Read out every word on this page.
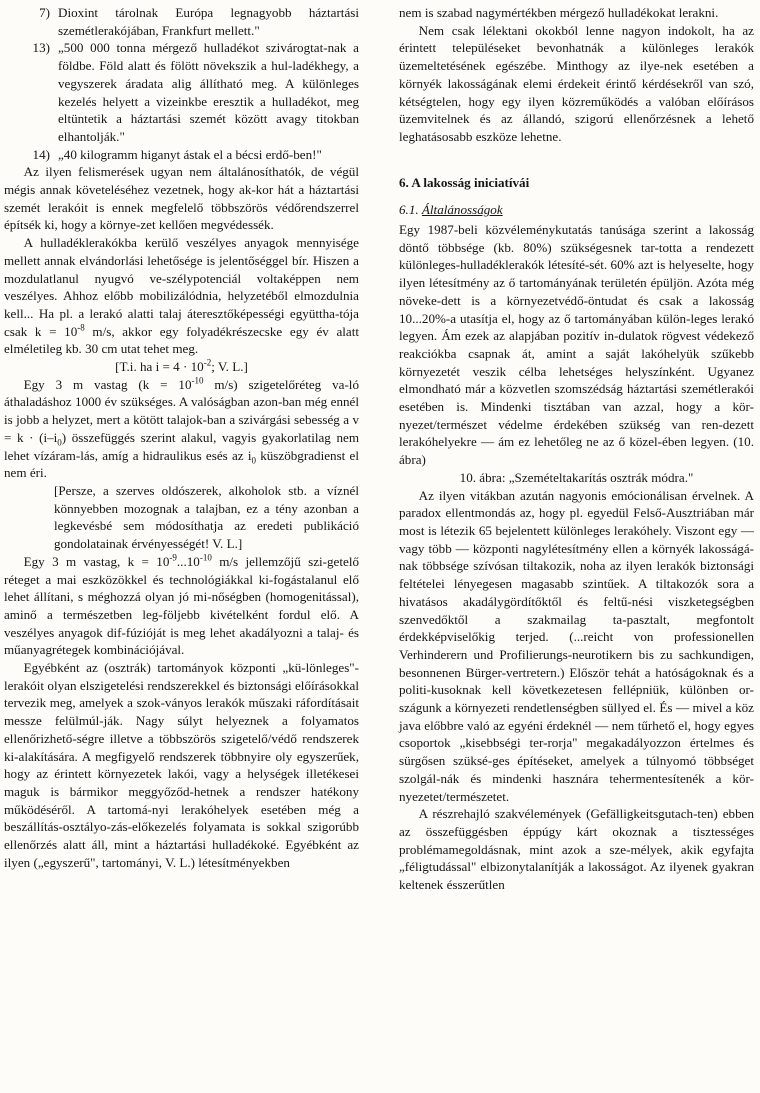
7) Dioxint tárolnak Európa legnagyobb háztartási szemétlerakójában, Frankfurt mellett."
13) „500 000 tonna mérgező hulladékot szivárogtat-nak a földbe. Föld alatt és fölött növekszik a hul-ladékhegy, a vegyszerek áradata alig állítható meg. A különleges kezelés helyett a vizeinkbe eresztik a hulladékot, meg eltüntetik a háztartási szemét között avagy titokban elhantolják."
14) „40 kilogramm higanyt ástak el a bécsi erdő-ben!"

Az ilyen felismerések ugyan nem általánosíthatók, de végül mégis annak követeléséhez vezetnek, hogy ak-kor hát a háztartási szemét lerakóit is ennek megfelelő többszörös védőrendszerrel építsék ki, hogy a környe-zet kellően megvédessék.

A hulladéklerakókba kerülő veszélyes anyagok mennyisége mellett annak elvándorlási lehetősége is jelentőséggel bír. Hiszen a mozdulatlanul nyugvó ve-szélypotenciál voltaképpen nem veszélyes. Ahhoz előbb mobilizálódnia, helyzetéből elmozdulnia kell... Ha pl. a lerakó alatti talaj áteresztőképességi együttha-tója csak $k = 10^{-8}$ m/s, akkor egy folyadékrészecske egy év alatt elméletileg kb. 30 cm utat tehet meg.

[T.i. ha $i = 4 \cdot 10^{-2}$; V. L.]

Egy 3 m vastag ($k = 10^{-10}$ m/s) szigetelőréteg va-ló áthaladáshoz 1000 év szükséges. A valóságban azon-ban még ennél is jobb a helyzet, mert a kötött talajok-ban a szivárgási sebesség a $v = k \cdot (i-i_0)$ összefüggés szerint alakul, vagyis gyakorlatilag nem lehet vízáram-lás, amíg a hidraulikus esés az $i_0$ küszöbgradienst el nem éri.

[Persze, a szerves oldószerek, alkoholok stb. a víznél könnyebben mozognak a talajban, ez a tény azonban a legkevésbé sem módosíthatja az eredeti publikáció gondolatainak érvényességét! V. L.]

Egy 3 m vastag, $k = 10^{-9}...10^{-10}$ m/s jellemzőjű szi-getelő réteget a mai eszközökkel és technológiákkal ki-fogástalanul elő lehet állítani, s méghozzá olyan jó mi-nőségben (homogenitással), aminő a természetben leg-följebb kivételként fordul elő. A veszélyes anyagok dif-fúzióját is meg lehet akadályozni a talaj- és műanyagrétegek kombinációjával.

Egyébként az (osztrák) tartományok központi „kü-lönleges"-lerakóit olyan elszigetelési rendszerekkel és biztonsági előírásokkal tervezik meg, amelyek a szok-ványos lerakók műszaki ráfordításait messze felülmúl-ják. Nagy súlyt helyeznek a folyamatos ellenőrizhető-ségre illetve a többszörös szigetelő/védő rendszerek ki-alakítására. A megfigyelő rendszerek többnyire oly egyszerűek, hogy az érintett környezetek lakói, vagy a helységek illetékesei maguk is bármikor meggyőződ-hetnek a rendszer hatékony működéséről. A tartomá-nyi lerakóhelyek esetében még a beszállítás-osztályo-zás-előkezelés folyamata is sokkal szigorúbb ellenőrzés alatt áll, mint a háztartási hulladékoké. Egyébként az ilyen („egyszerű", tartományi, V. L.) létesítményekben

nem is szabad nagymértékben mérgező hulladékokat lerakni.

Nem csak lélektani okokból lenne nagyon indokolt, ha az érintett településeket bevonhatnák a különleges lerakók üzemeltetésének egészébe. Minthogy az ilye-nek esetében a környék lakosságának elemi érdekeit érintő kérdésekről van szó, kétségtelen, hogy egy ilyen közreműködés a valóban előírásos üzemvitelnek és az állandó, szigorú ellenőrzésnek a lehető leghatásosabb eszköze lehetne.

6. A lakosság iniciatívái

6.1. Általánosságok

Egy 1987-beli közvéleménykutatás tanúsága szerint a lakosság döntő többsége (kb. 80%) szükségesnek tar-totta a rendezett különleges-hulladéklerakók létesíté-sét. 60% azt is helyeselte, hogy ilyen létesítmény az ő tartományának területén épüljön. Azóta még növeke-dett is a környezetvédő-öntudat és csak a lakosság 10...20%-a utasítja el, hogy az ő tartományában külön-leges lerakó legyen. Ám ezek az alapjában pozitív in-dulatok rögvest védekező reakciókba csapnak át, amint a saját lakóhelyük szűkebb környezetét veszik célba lehetséges helyszínként. Ugyanez elmondható már a közvetlen szomszédság háztartási szemétlerakói esetében is. Mindenki tisztában van azzal, hogy a kör-nyezet/természet védelme érdekében szükség van ren-dezett lerakóhelyekre — ám ez lehetőleg ne az ő közel-ében legyen. (10. ábra)

10. ábra: „Szemételtakarítás osztrák módra."

Az ilyen vitákban azután nagyonis emócionálisan érvelnek. A paradox ellentmondás az, hogy pl. egyedül Felső-Ausztriában már most is létezik 65 bejelentett különleges lerakóhely. Viszont egy — vagy több — központi nagylétesítmény ellen a környék lakosságá-nak többsége szívósan tiltakozik, noha az ilyen lerakók biztonsági feltételei lényegesen magasabb szintűek. A tiltakozók sora a hivatásos akadálygördítőktől és feltű-nési viszketegségben szenvedőktől a szakmailag ta-pasztalt, megfontolt érdekképviselőkig terjed. (...reicht von professionellen Verhinderern und Profilierungs-neurotikern bis zu sachkundigen, besonnenen Bürger-vertretern.) Először tehát a hatóságoknak és a politi-kusoknak kell következetesen fellépniük, különben or-szágunk a környezeti rendetlenségben süllyed el. És — mivel a köz java előbbre való az egyéni érdeknél — nem tűrhető el, hogy egyes csoportok „kisebbségi ter-rorja" megakadályozzon értelmes és sürgősen szüksé-ges építéseket, amelyek a túlnyomó többséget szolgál-nák és mindenki hasznára tehermentesítenék a kör-nyezetet/természetet.

A részrehajló szakvélemények (Gefälligkeitsgutach-ten) ebben az összefüggésben éppúgy kárt okoznak a tisztességes problémamegoldásnak, mint azok a sze-mélyek, akik egyfajta „féligtudással" elbizonytalanítják a lakosságot. Az ilyenek gyakran keltenek ésszerűtlen
